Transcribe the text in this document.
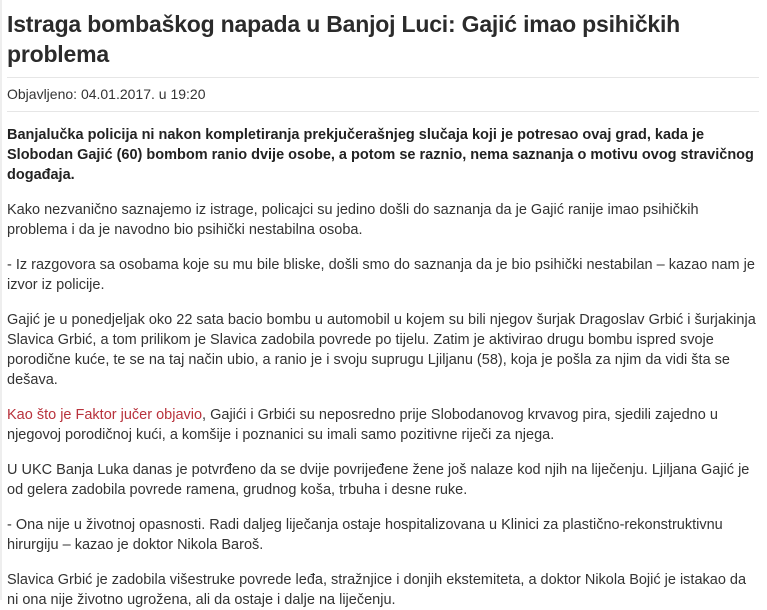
Istraga bombaškog napada u Banjoj Luci: Gajić imao psihičkih problema
Objavljeno: 04.01.2017. u 19:20

Banjalučka policija ni nakon kompletiranja prekjučerašnjeg slučaja koji je potresao ovaj grad, kada je Slobodan Gajić (60) bombom ranio dvije osobe, a potom se raznio, nema saznanja o motivu ovog stravičnog događaja.

Kako nezvanično saznajemo iz istrage, policajci su jedino došli do saznanja da je Gajić ranije imao psihičkih problema i da je navodno bio psihički nestabilna osoba.

- Iz razgovora sa osobama koje su mu bile bliske, došli smo do saznanja da je bio psihički nestabilan – kazao nam je izvor iz policije.

Gajić je u ponedjeljak oko 22 sata bacio bombu u automobil u kojem su bili njegov šurjak Dragoslav Grbić i šurjakinja Slavica Grbić, a tom prilikom je Slavica zadobila povrede po tijelu. Zatim je aktivirao drugu bombu ispred svoje porodične kuće, te se na taj način ubio, a ranio je i svoju suprugu Ljiljanu (58), koja je pošla za njim da vidi šta se dešava.

Kao što je Faktor jučer objavio, Gajići i Grbići su neposredno prije Slobodanovog krvavog pira, sjedili zajedno u njegovoj porodičnoj kući, a komšije i poznanici su imali samo pozitivne riječi za njega.

U UKC Banja Luka danas je potvrđeno da se dvije povrijeđene žene još nalaze kod njih na liječenju. Ljiljana Gajić je od gelera zadobila povrede ramena, grudnog koša, trbuha i desne ruke.

- Ona nije u životnoj opasnosti. Radi daljeg liječanja ostaje hospitalizovana u Klinici za plastično-rekonstruktivnu hirurgiju – kazao je doktor Nikola Baroš.

Slavica Grbić je zadobila višestruke povrede leđa, stražnjice i donjih ekstemiteta, a doktor Nikola Bojić je istakao da ni ona nije životno ugrožena, ali da ostaje i dalje na liječenju.
